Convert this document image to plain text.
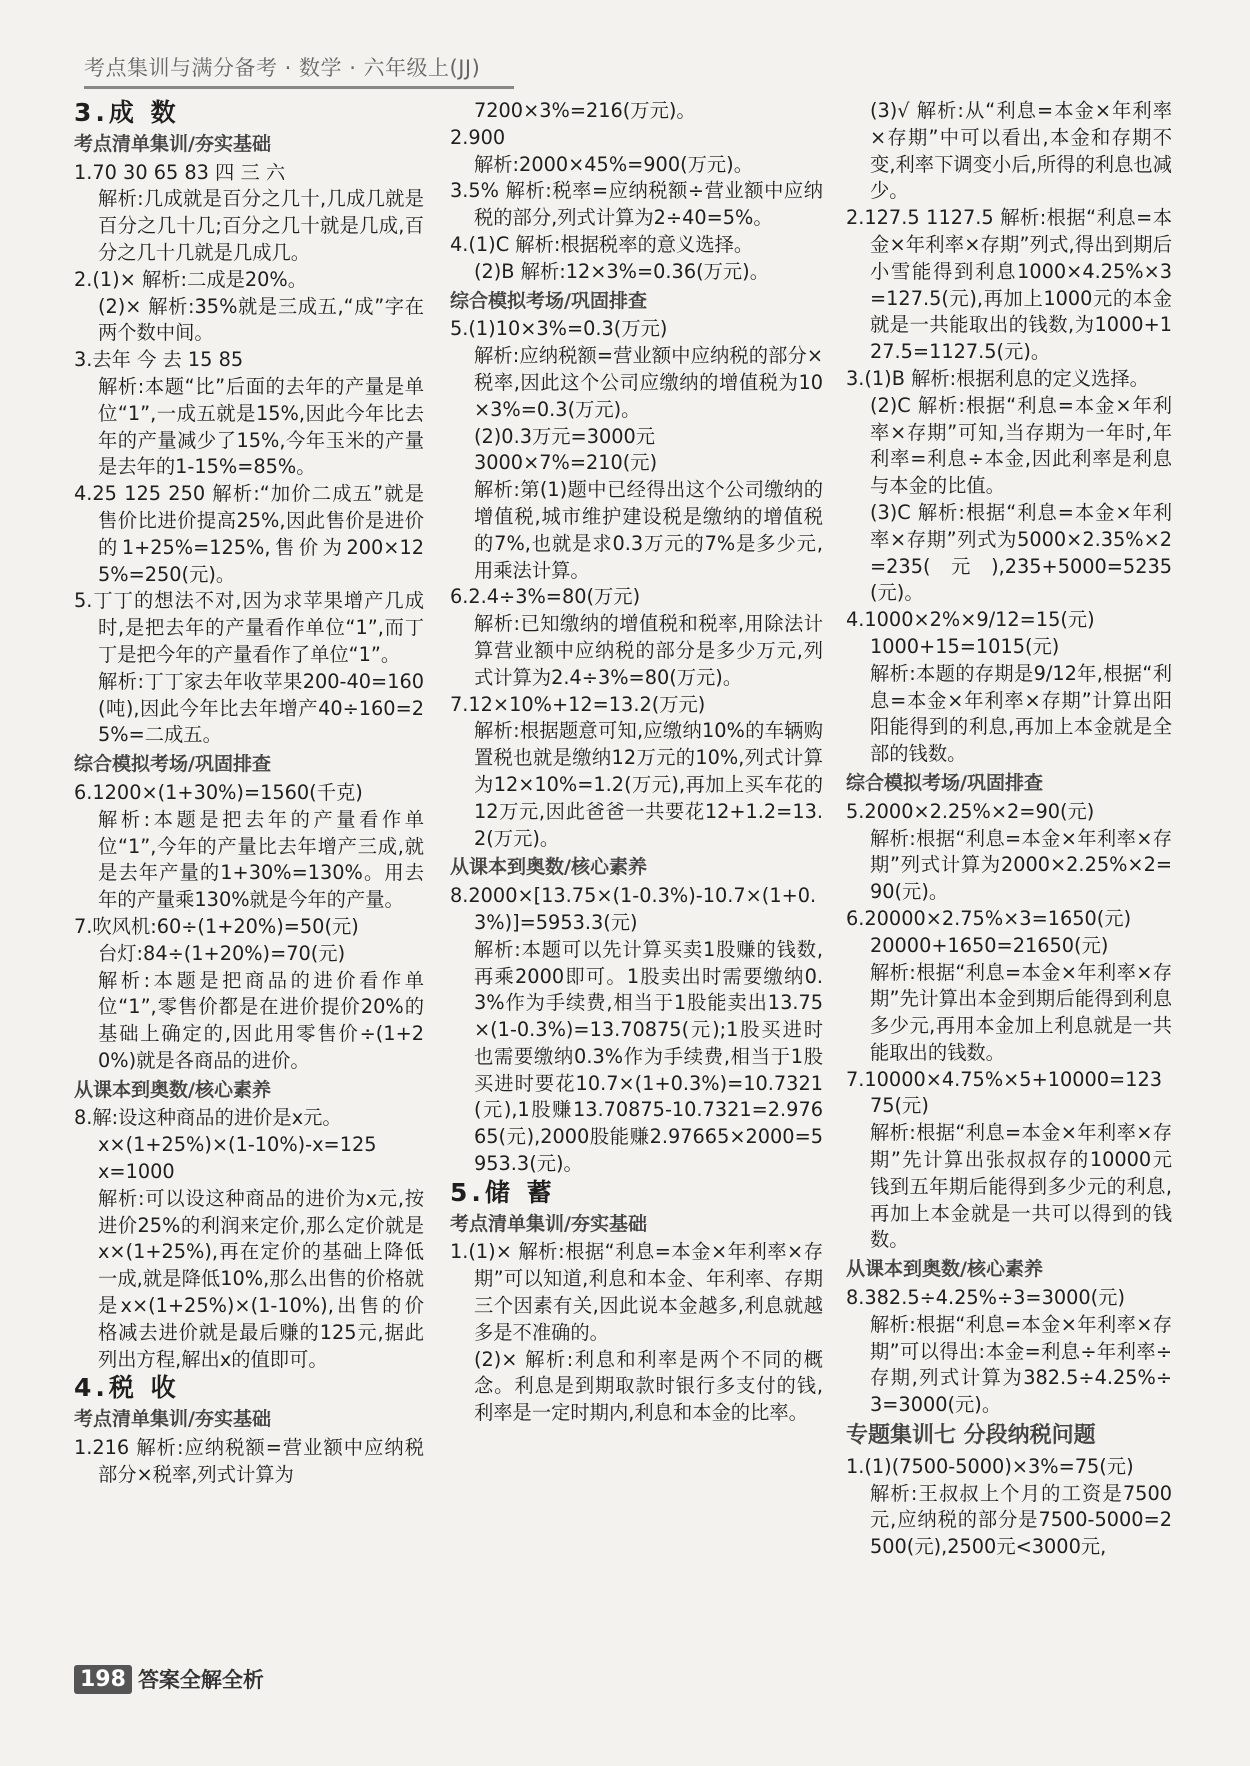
考点集训与满分备考 · 数学 · 六年级上(JJ)

3.成 数

考点清单集训/夯实基础

1.70 30 65 83 四 三 六

解析:几成就是百分之几十,几成几就是百分之几十几;百分之几十就是几成,百分之几十几就是几成几。

2.(1)× 解析:二成是20%。

(2)× 解析:35%就是三成五,“成”字在两个数中间。

3.去年 今 去 15 85

解析:本题“比”后面的去年的产量是单位“1”,一成五就是15%,因此今年比去年的产量减少了15%,今年玉米的产量是去年的1-15%=85%。

4.25 125 250 解析:“加价二成五”就是售价比进价提高25%,因此售价是进价的1+25%=125%,售价为200×125%=250(元)。

5.丁丁的想法不对,因为求苹果增产几成时,是把去年的产量看作单位“1”,而丁丁是把今年的产量看作了单位“1”。

解析:丁丁家去年收苹果200-40=160(吨),因此今年比去年增产40÷160=25%=二成五。

综合模拟考场/巩固排查

6.1200×(1+30%)=1560(千克)

解析:本题是把去年的产量看作单位“1”,今年的产量比去年增产三成,就是去年产量的1+30%=130%。用去年的产量乘130%就是今年的产量。

7.吹风机:60÷(1+20%)=50(元)

台灯:84÷(1+20%)=70(元)

解析:本题是把商品的进价看作单位“1”,零售价都是在进价提价20%的基础上确定的,因此用零售价÷(1+20%)就是各商品的进价。

从课本到奥数/核心素养

8.解:设这种商品的进价是x元。

x×(1+25%)×(1-10%)-x=125

x=1000

解析:可以设这种商品的进价为x元,按进价25%的利润来定价,那么定价就是x×(1+25%),再在定价的基础上降低一成,就是降低10%,那么出售的价格就是x×(1+25%)×(1-10%),出售的价格减去进价就是最后赚的125元,据此列出方程,解出x的值即可。

4.税 收

考点清单集训/夯实基础

1.216 解析:应纳税额=营业额中应纳税部分×税率,列式计算为

7200×3%=216(万元)。

2.900

解析:2000×45%=900(万元)。

3.5% 解析:税率=应纳税额÷营业额中应纳税的部分,列式计算为2÷40=5%。

4.(1)C 解析:根据税率的意义选择。

(2)B 解析:12×3%=0.36(万元)。

综合模拟考场/巩固排查

5.(1)10×3%=0.3(万元)

解析:应纳税额=营业额中应纳税的部分×税率,因此这个公司应缴纳的增值税为10×3%=0.3(万元)。

(2)0.3万元=3000元

3000×7%=210(元)

解析:第(1)题中已经得出这个公司缴纳的增值税,城市维护建设税是缴纳的增值税的7%,也就是求0.3万元的7%是多少元,用乘法计算。

6.2.4÷3%=80(万元)

解析:已知缴纳的增值税和税率,用除法计算营业额中应纳税的部分是多少万元,列式计算为2.4÷3%=80(万元)。

7.12×10%+12=13.2(万元)

解析:根据题意可知,应缴纳10%的车辆购置税也就是缴纳12万元的10%,列式计算为12×10%=1.2(万元),再加上买车花的12万元,因此爸爸一共要花12+1.2=13.2(万元)。

从课本到奥数/核心素养

8.2000×[13.75×(1-0.3%)-10.7×(1+0.3%)]=5953.3(元)

解析:本题可以先计算买卖1股赚的钱数,再乘2000即可。1股卖出时需要缴纳0.3%作为手续费,相当于1股能卖出13.75×(1-0.3%)=13.70875(元);1股买进时也需要缴纳0.3%作为手续费,相当于1股买进时要花10.7×(1+0.3%)=10.7321(元),1股赚13.70875-10.7321=2.97665(元),2000股能赚2.97665×2000=5953.3(元)。

5.储 蓄

考点清单集训/夯实基础

1.(1)× 解析:根据“利息=本金×年利率×存期”可以知道,利息和本金、年利率、存期三个因素有关,因此说本金越多,利息就越多是不准确的。

(2)× 解析:利息和利率是两个不同的概念。利息是到期取款时银行多支付的钱,利率是一定时期内,利息和本金的比率。

(3)√ 解析:从“利息=本金×年利率×存期”中可以看出,本金和存期不变,利率下调变小后,所得的利息也减少。

2.127.5 1127.5 解析:根据“利息=本金×年利率×存期”列式,得出到期后小雪能得到利息1000×4.25%×3=127.5(元),再加上1000元的本金就是一共能取出的钱数,为1000+127.5=1127.5(元)。

3.(1)B 解析:根据利息的定义选择。

(2)C 解析:根据“利息=本金×年利率×存期”可知,当存期为一年时,年利率=利息÷本金,因此利率是利息与本金的比值。

(3)C 解析:根据“利息=本金×年利率×存期”列式为5000×2.35%×2=235(元),235+5000=5235(元)。

4.1000×2%×9/12=15(元)

1000+15=1015(元)

解析:本题的存期是9/12年,根据“利息=本金×年利率×存期”计算出阳阳能得到的利息,再加上本金就是全部的钱数。

综合模拟考场/巩固排查

5.2000×2.25%×2=90(元)

解析:根据“利息=本金×年利率×存期”列式计算为2000×2.25%×2=90(元)。

6.20000×2.75%×3=1650(元)

20000+1650=21650(元)

解析:根据“利息=本金×年利率×存期”先计算出本金到期后能得到利息多少元,再用本金加上利息就是一共能取出的钱数。

7.10000×4.75%×5+10000=12375(元)

解析:根据“利息=本金×年利率×存期”先计算出张叔叔存的10000元钱到五年期后能得到多少元的利息,再加上本金就是一共可以得到的钱数。

从课本到奥数/核心素养

8.382.5÷4.25%÷3=3000(元)

解析:根据“利息=本金×年利率×存期”可以得出:本金=利息÷年利率÷存期,列式计算为382.5÷4.25%÷3=3000(元)。

专题集训七 分段纳税问题

1.(1)(7500-5000)×3%=75(元)

解析:王叔叔上个月的工资是7500元,应纳税的部分是7500-5000=2500(元),2500元<3000元,

198 答案全解全析
